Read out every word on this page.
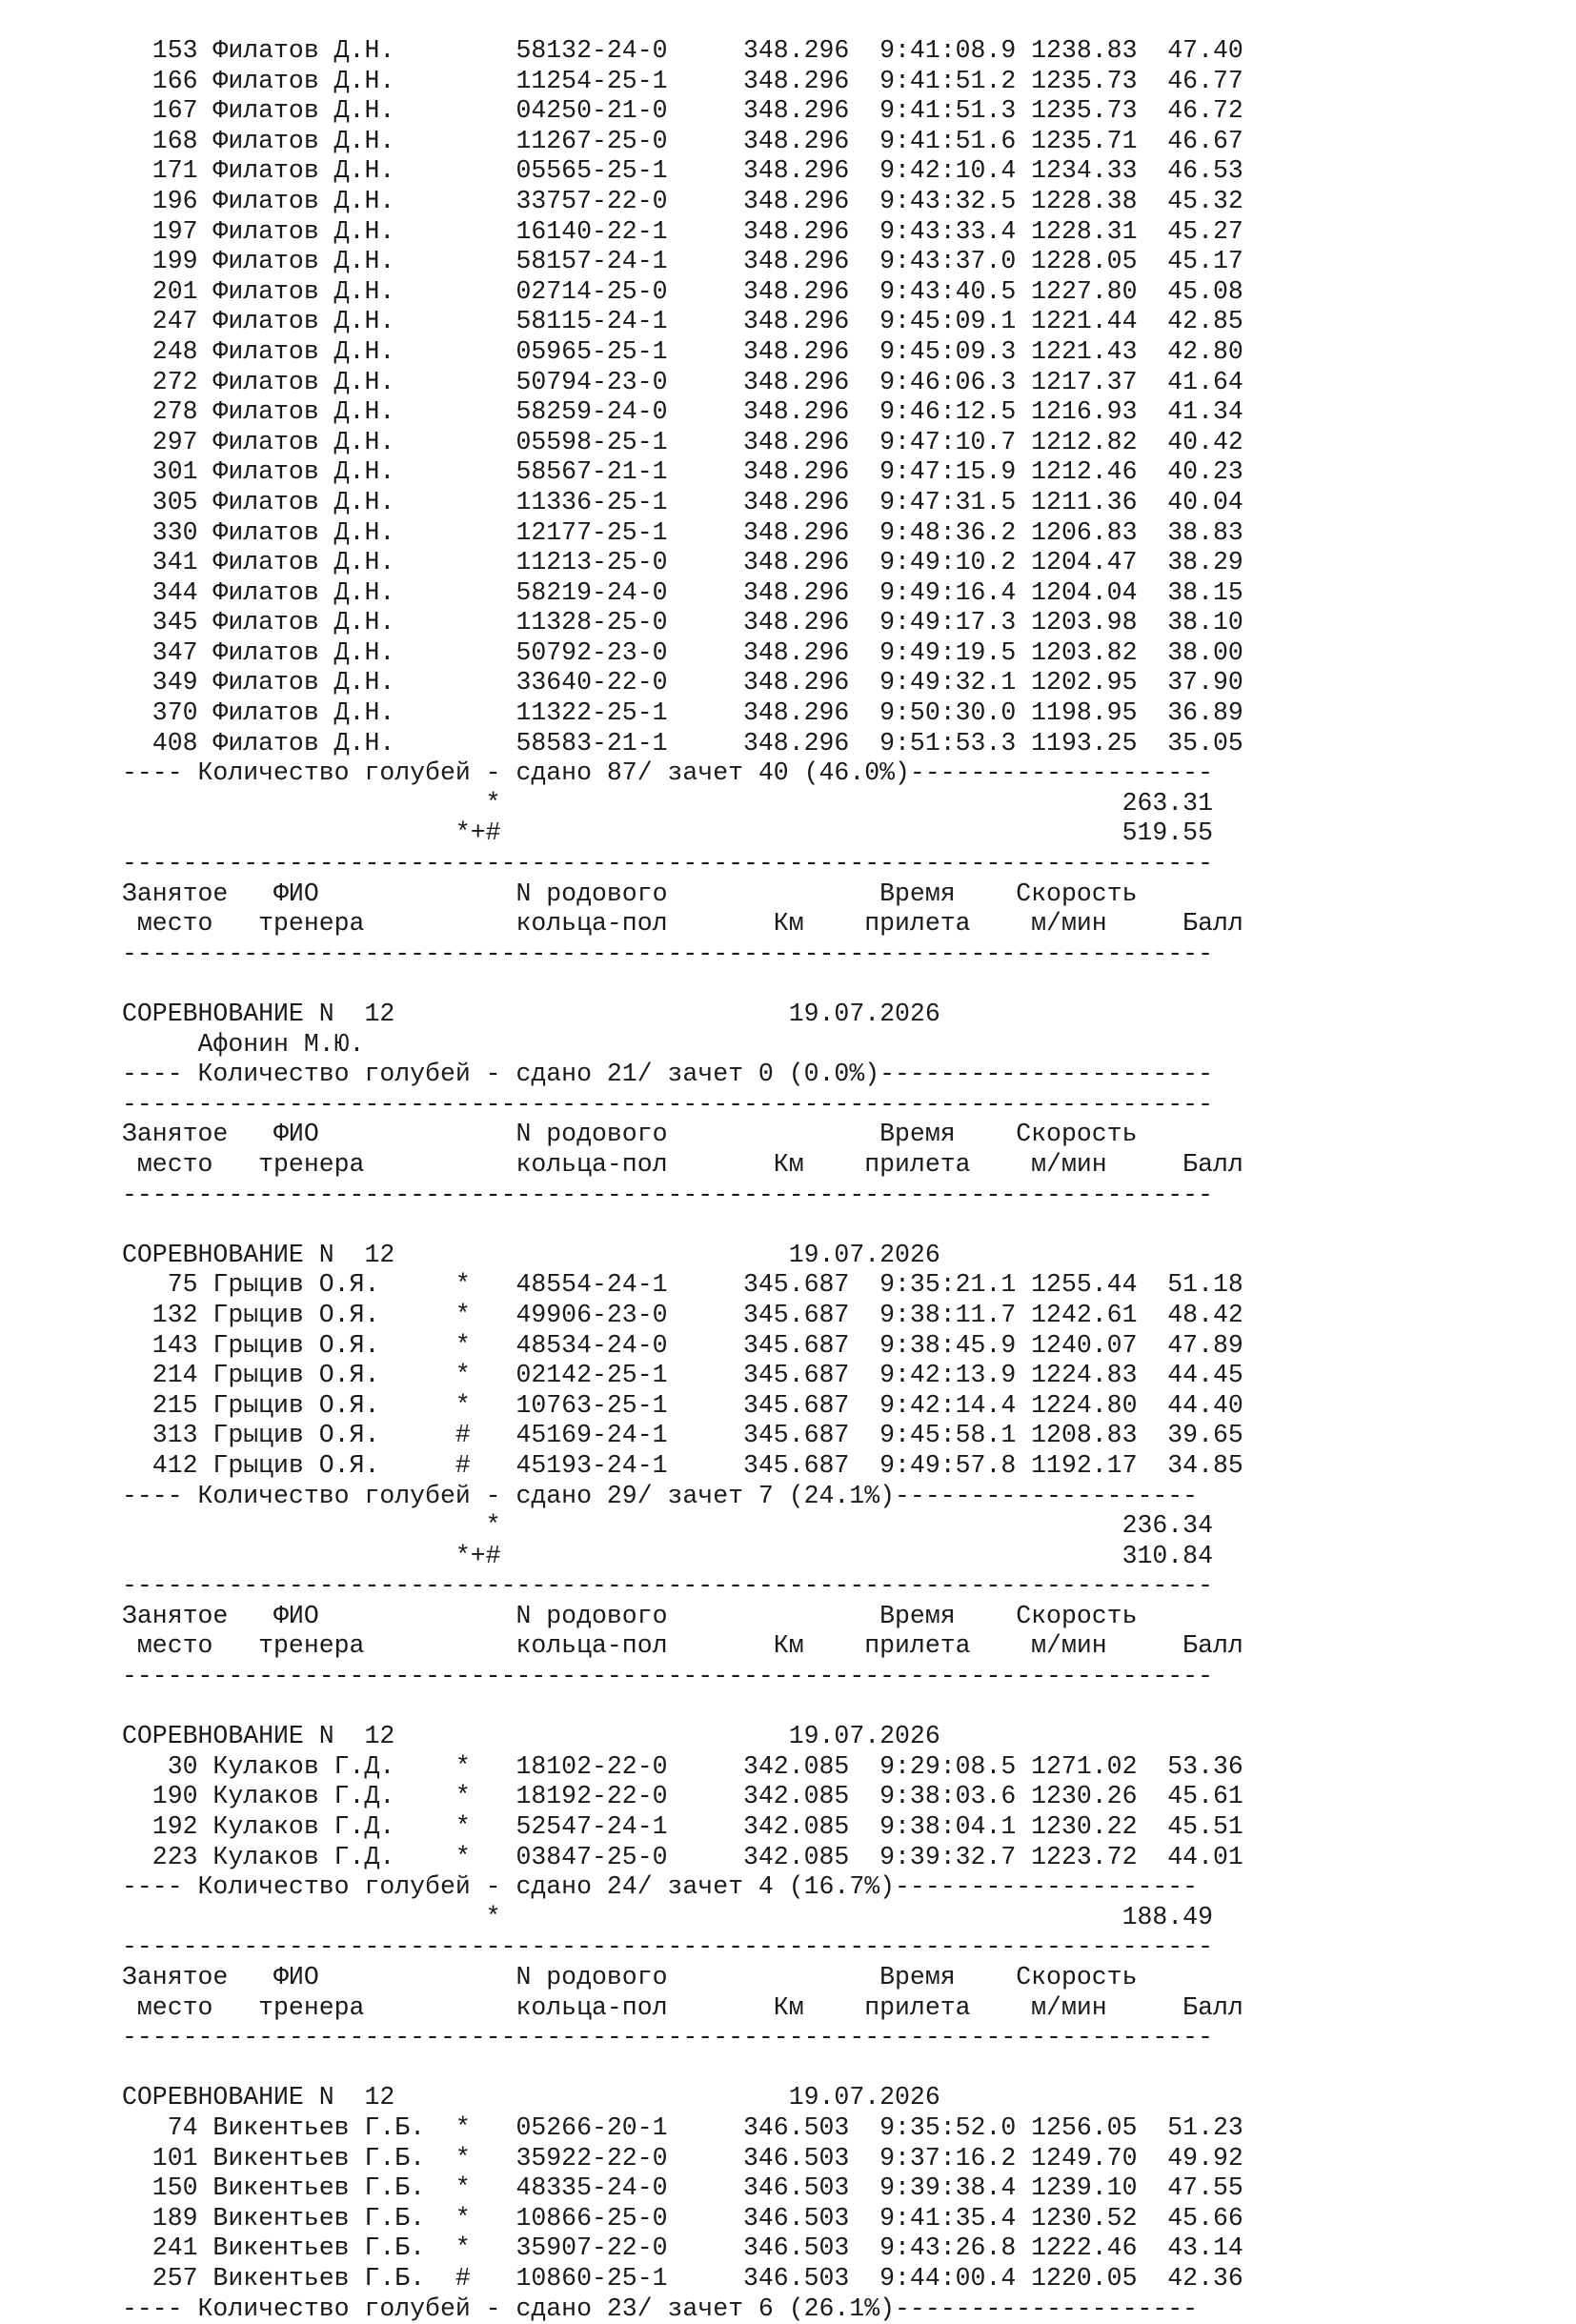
153 Филатов Д.Н.        58132-24-0     348.296  9:41:08.9 1238.83  47.40
166 Филатов Д.Н.        11254-25-1     348.296  9:41:51.2 1235.73  46.77
167 Филатов Д.Н.        04250-21-0     348.296  9:41:51.3 1235.73  46.72
168 Филатов Д.Н.        11267-25-0     348.296  9:41:51.6 1235.71  46.67
171 Филатов Д.Н.        05565-25-1     348.296  9:42:10.4 1234.33  46.53
196 Филатов Д.Н.        33757-22-0     348.296  9:43:32.5 1228.38  45.32
197 Филатов Д.Н.        16140-22-1     348.296  9:43:33.4 1228.31  45.27
199 Филатов Д.Н.        58157-24-1     348.296  9:43:37.0 1228.05  45.17
201 Филатов Д.Н.        02714-25-0     348.296  9:43:40.5 1227.80  45.08
247 Филатов Д.Н.        58115-24-1     348.296  9:45:09.1 1221.44  42.85
248 Филатов Д.Н.        05965-25-1     348.296  9:45:09.3 1221.43  42.80
272 Филатов Д.Н.        50794-23-0     348.296  9:46:06.3 1217.37  41.64
278 Филатов Д.Н.        58259-24-0     348.296  9:46:12.5 1216.93  41.34
297 Филатов Д.Н.        05598-25-1     348.296  9:47:10.7 1212.82  40.42
301 Филатов Д.Н.        58567-21-1     348.296  9:47:15.9 1212.46  40.23
305 Филатов Д.Н.        11336-25-1     348.296  9:47:31.5 1211.36  40.04
330 Филатов Д.Н.        12177-25-1     348.296  9:48:36.2 1206.83  38.83
341 Филатов Д.Н.        11213-25-0     348.296  9:49:10.2 1204.47  38.29
344 Филатов Д.Н.        58219-24-0     348.296  9:49:16.4 1204.04  38.15
345 Филатов Д.Н.        11328-25-0     348.296  9:49:17.3 1203.98  38.10
347 Филатов Д.Н.        50792-23-0     348.296  9:49:19.5 1203.82  38.00
349 Филатов Д.Н.        33640-22-0     348.296  9:49:32.1 1202.95  37.90
370 Филатов Д.Н.        11322-25-1     348.296  9:50:30.0 1198.95  36.89
408 Филатов Д.Н.        58583-21-1     348.296  9:51:53.3 1193.25  35.05
---- Количество голубей - сдано 87/ зачет 40 (46.0%)--------------------
*                                         263.31
*+#                                         519.55
------------------------------------------------------------------------
Занятое   ФИО             N родового              Время    Скорость
место   тренера          кольца-пол       Км    прилета    м/мин     Балл
------------------------------------------------------------------------
СОРЕВНОВАНИЕ N  12                          19.07.2026
Афонин М.Ю.
---- Количество голубей - сдано 21/ зачет 0 (0.0%)----------------------
------------------------------------------------------------------------
Занятое   ФИО             N родового              Время    Скорость
место   тренера          кольца-пол       Км    прилета    м/мин     Балл
------------------------------------------------------------------------
СОРЕВНОВАНИЕ N  12                          19.07.2026
75 Грыцив О.Я.     *   48554-24-1     345.687  9:35:21.1 1255.44  51.18
132 Грыцив О.Я.     *   49906-23-0     345.687  9:38:11.7 1242.61  48.42
143 Грыцив О.Я.     *   48534-24-0     345.687  9:38:45.9 1240.07  47.89
214 Грыцив О.Я.     *   02142-25-1     345.687  9:42:13.9 1224.83  44.45
215 Грыцив О.Я.     *   10763-25-1     345.687  9:42:14.4 1224.80  44.40
313 Грыцив О.Я.     #   45169-24-1     345.687  9:45:58.1 1208.83  39.65
412 Грыцив О.Я.     #   45193-24-1     345.687  9:49:57.8 1192.17  34.85
---- Количество голубей - сдано 29/ зачет 7 (24.1%)--------------------
*                                         236.34
*+#                                         310.84
------------------------------------------------------------------------
Занятое   ФИО             N родового              Время    Скорость
место   тренера          кольца-пол       Км    прилета    м/мин     Балл
------------------------------------------------------------------------
СОРЕВНОВАНИЕ N  12                          19.07.2026
30 Кулаков Г.Д.    *   18102-22-0     342.085  9:29:08.5 1271.02  53.36
190 Кулаков Г.Д.    *   18192-22-0     342.085  9:38:03.6 1230.26  45.61
192 Кулаков Г.Д.    *   52547-24-1     342.085  9:38:04.1 1230.22  45.51
223 Кулаков Г.Д.    *   03847-25-0     342.085  9:39:32.7 1223.72  44.01
---- Количество голубей - сдано 24/ зачет 4 (16.7%)--------------------
*                                         188.49
------------------------------------------------------------------------
Занятое   ФИО             N родового              Время    Скорость
место   тренера          кольца-пол       Км    прилета    м/мин     Балл
------------------------------------------------------------------------
СОРЕВНОВАНИЕ N  12                          19.07.2026
74 Викентьев Г.Б.  *   05266-20-1     346.503  9:35:52.0 1256.05  51.23
101 Викентьев Г.Б.  *   35922-22-0     346.503  9:37:16.2 1249.70  49.92
150 Викентьев Г.Б.  *   48335-24-0     346.503  9:39:38.4 1239.10  47.55
189 Викентьев Г.Б.  *   10866-25-0     346.503  9:41:35.4 1230.52  45.66
241 Викентьев Г.Б.  *   35907-22-0     346.503  9:43:26.8 1222.46  43.14
257 Викентьев Г.Б.  #   10860-25-1     346.503  9:44:00.4 1220.05  42.36
---- Количество голубей - сдано 23/ зачет 6 (26.1%)--------------------
